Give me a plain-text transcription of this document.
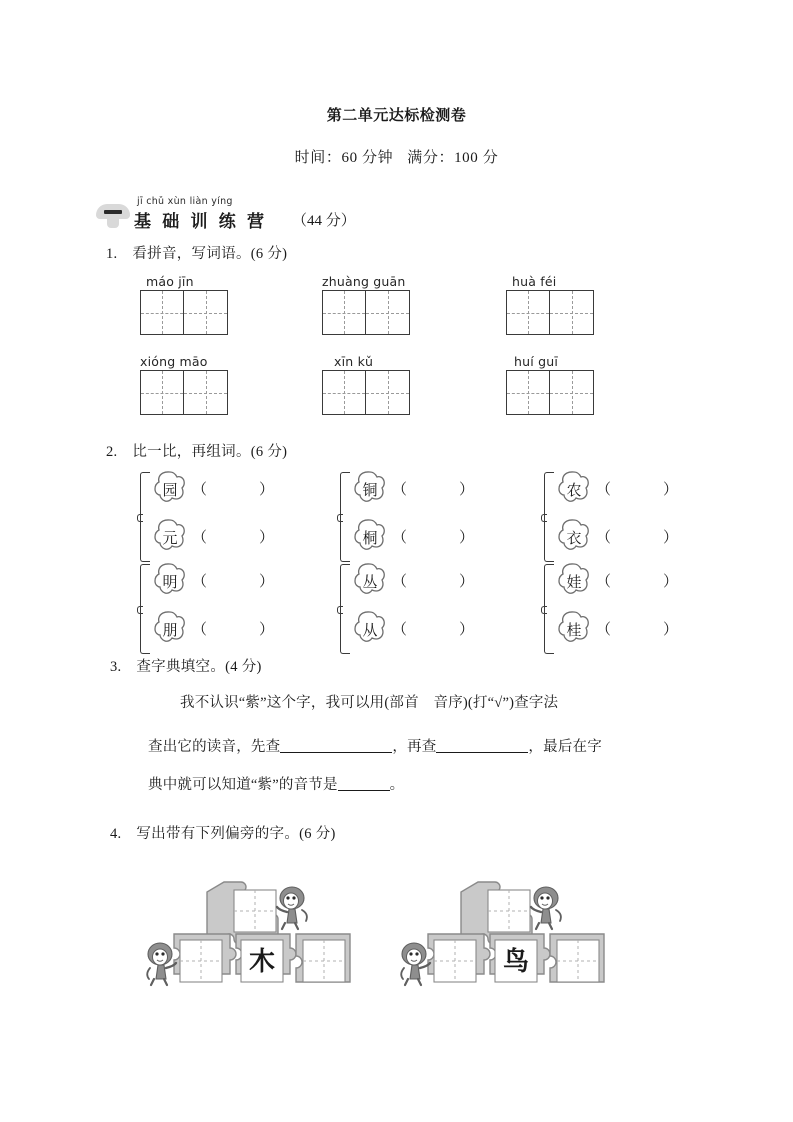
第二单元达标检测卷
时间：60 分钟 满分：100 分
jī chǔ xùn liàn yíng
基 础 训 练 营 （44 分）
1. 看拼音，写词语。(6 分)
máo jīn	zhuàng guān	huà féi
xióng māo	xīn kǔ	huí guī
2. 比一比，再组词。(6 分)
园 （	）
元 （	）
铜 （	）
桐 （	）
农 （	）
衣 （	）
明 （	）
朋 （	）
丛 （	）
从 （	）
娃 （	）
桂 （	）
3. 查字典填空。(4 分)
我不认识“紫”这个字，我可以用(部首　音序)(打“√”)查字法
查出它的读音，先查	，再查	，最后在字
典中就可以知道“紫”的音节是	。
4. 写出带有下列偏旁的字。(6 分)
木	鸟
